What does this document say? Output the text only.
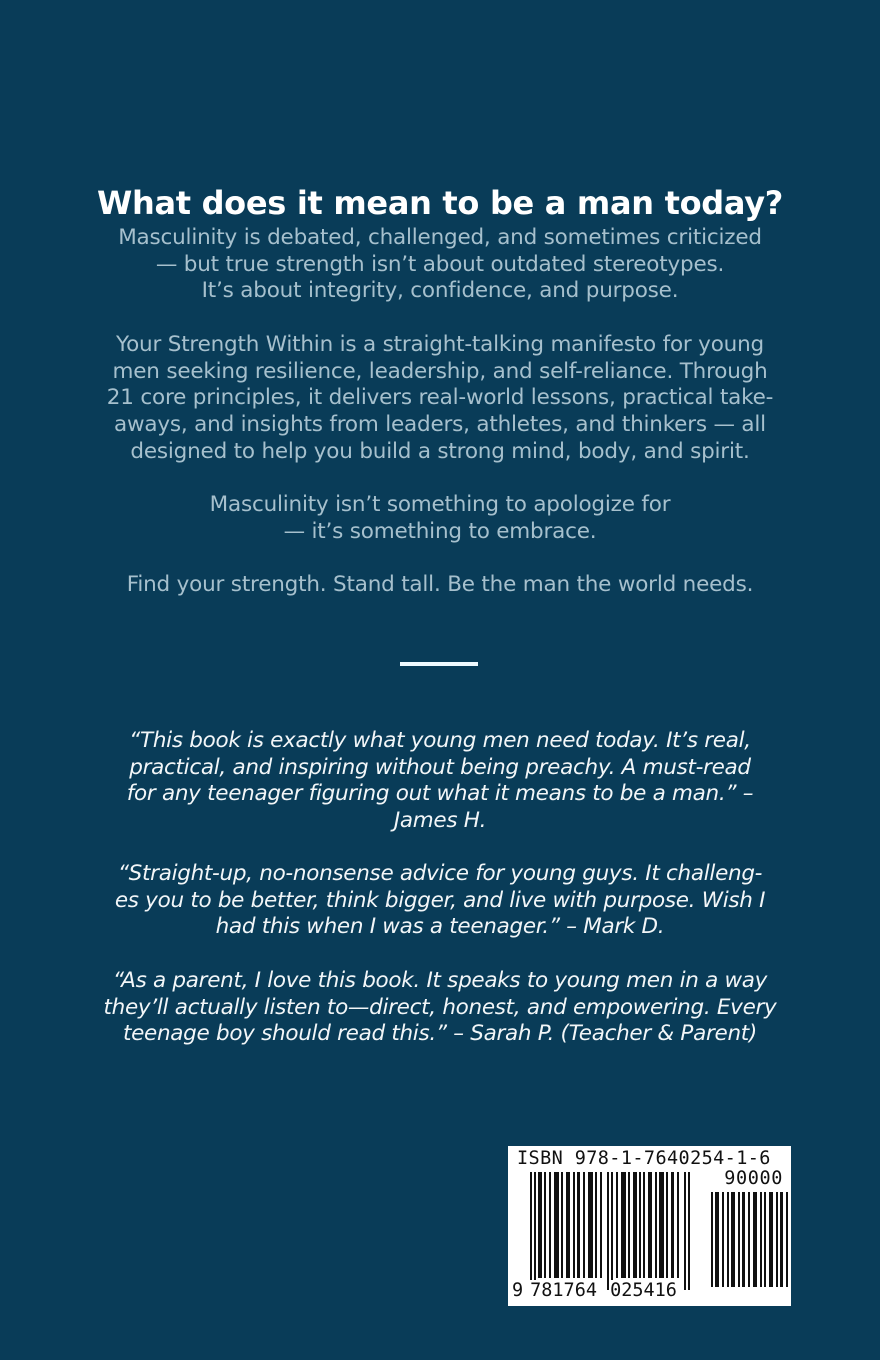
What does it mean to be a man today?
Masculinity is debated, challenged, and sometimes criticized
— but true strength isn’t about outdated stereotypes.
It’s about integrity, confidence, and purpose.
Your Strength Within is a straight-talking manifesto for young
men seeking resilience, leadership, and self-reliance. Through
21 core principles, it delivers real-world lessons, practical take-
aways, and insights from leaders, athletes, and thinkers — all
designed to help you build a strong mind, body, and spirit.
Masculinity isn’t something to apologize for
— it’s something to embrace.
Find your strength. Stand tall. Be the man the world needs.
“This book is exactly what young men need today. It’s real,
practical, and inspiring without being preachy. A must-read
for any teenager figuring out what it means to be a man.” –
James H.
“Straight-up, no-nonsense advice for young guys. It challeng-
es you to be better, think bigger, and live with purpose. Wish I
had this when I was a teenager.” – Mark D.
“As a parent, I love this book. It speaks to young men in a way
they’ll actually listen to—direct, honest, and empowering. Every
teenage boy should read this.” – Sarah P. (Teacher & Parent)
ISBN 978-1-7640254-1-6
90000
9 781764 025416
